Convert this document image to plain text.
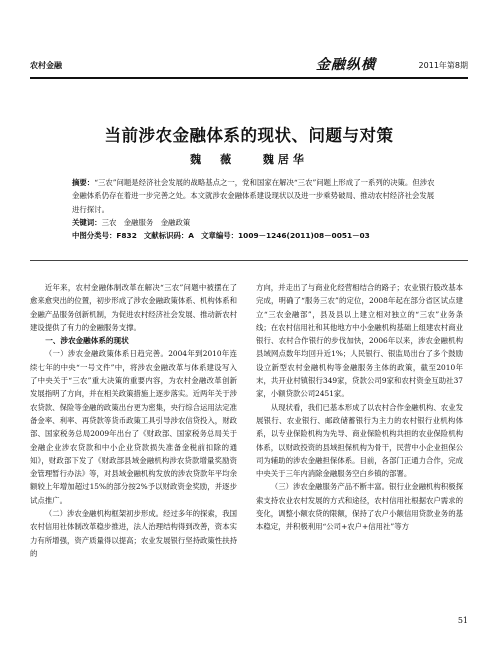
农村金融	金融纵横	2011年第8期
当前涉农金融体系的现状、问题与对策
魏　薇	魏居华

摘要：“三农”问题是经济社会发展的战略基点之一，党和国家在解决“三农”问题上形成了一系列的决策。但涉农金融体系仍存在着进一步完善之处。本文就涉农金融体系建设现状以及进一步乘势破局、推动农村经济社会发展进行探讨。

关键词：三农　金融服务　金融政策

中图分类号：F832 文献标识码：A 文章编号：1009－1246(2011)08－0051－03

近年来，农村金融体制改革在解决“三农”问题中被摆在了愈来愈突出的位置，初步形成了涉农金融政策体系、机构体系和金融产品服务创新机制，为促进农村经济社会发展、推动新农村建设提供了有力的金融服务支撑。

一、涉农金融体系的现状

（一）涉农金融政策体系日趋完善。2004年到2010年连续七年的中央“一号文件”中，将涉农金融改革与体系建设写入了中央关于“三农”重大决策的重要内容，为农村金融改革创新发展指明了方向，并在相关政策措施上逐步落实。近两年关于涉农贷款、保险等金融的政策出台更为密集，央行综合运用法定准备金率、利率、再贷款等货币政策工具引导涉农信贷投入，财政部、国家税务总局2009年出台了《财政部、国家税务总局关于金融企业涉农贷款和中小企业贷款损失准备金税前扣除的通知》，财政部下发了《财政部县域金融机构涉农贷款增量奖励资金管理暂行办法》等，对县域金融机构发放的涉农贷款年平均余额较上年增加超过15%的部分按2%予以财政资金奖励，并逐步试点推广。

（二）涉农金融机构框架初步形成。经过多年的探索，我国农村信用社体制改革稳步推进，法人治理结构得到改善，资本实力有所增强，资产质量得以提高；农业发展银行坚持政策性扶持的

方向，并走出了与商业化经营相结合的路子；农业银行股改基本完成，明确了“服务三农”的定位，2008年起在部分省区试点建立“三农金融部”，县及县以上建立相对独立的“三农”业务条线；在农村信用社和其他地方中小金融机构基础上组建农村商业银行、农村合作银行的步伐加快，2006年以来，涉农金融机构县域网点数年均回升近1%；人民银行、银监局出台了多个鼓励设立新型农村金融机构等金融服务主体的政策，截至2010年末，共开业村镇银行349家，贷款公司9家和农村资金互助社37家，小额贷款公司2451家。

从现状看，我们已基本形成了以农村合作金融机构、农业发展银行、农业银行、邮政储蓄银行为主力的农村银行业机构体系，以专业保险机构为先导、商业保险机构共担的农业保险机构体系，以财政投资的县域担保机构为骨干，民营中小企业担保公司为辅助的涉农金融担保体系。目前，各部门正通力合作，完成中央关于三年内消除金融服务空白乡镇的部署。

（三）涉农金融服务产品不断丰富。银行业金融机构积极探索支持农业农村发展的方式和途径，农村信用社根据农户需求的变化，调整小额农贷的限额，保持了农户小额信用贷款业务的基本稳定，并积极利用“公司+农户+信用社”等方

51
